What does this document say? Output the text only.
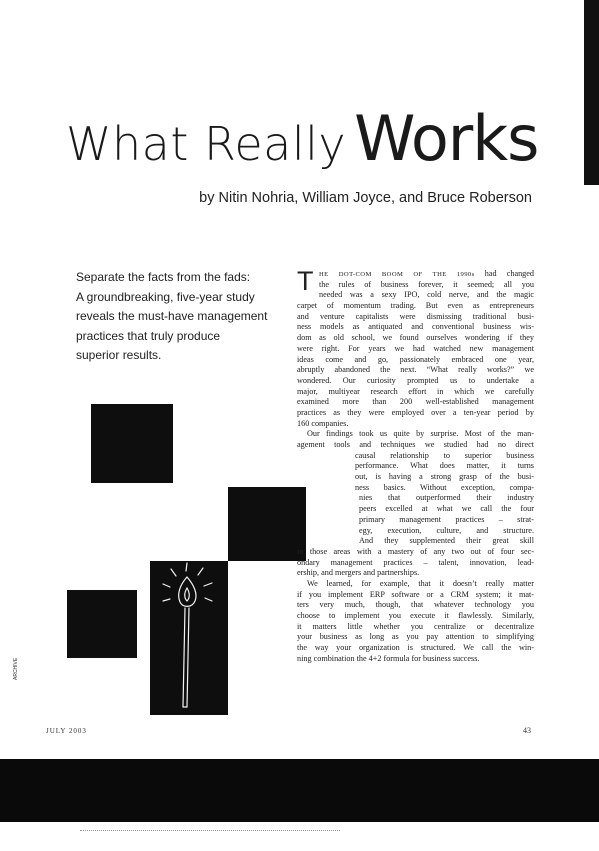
What Really Works
by Nitin Nohria, William Joyce, and Bruce Roberson
Separate the facts from the fads:
A groundbreaking, five-year study
reveals the must-have management
practices that truly produce
superior results.
ARCHIVE
T HE DOT-COM BOOM OF THE 1990s had changed
the rules of business forever, it seemed; all you
needed was a sexy IPO, cold nerve, and the magic
carpet of momentum trading. But even as entrepreneurs
and venture capitalists were dismissing traditional busi-
ness models as antiquated and conventional business wis-
dom as old school, we found ourselves wondering if they
were right. For years we had watched new management
ideas come and go, passionately embraced one year,
abruptly abandoned the next. “What really works?” we
wondered. Our curiosity prompted us to undertake a
major, multiyear research effort in which we carefully
examined more than 200 well-established management
practices as they were employed over a ten-year period by
160 companies.
Our findings took us quite by surprise. Most of the man-
agement tools and techniques we studied had no direct
causal relationship to superior business
performance. What does matter, it turns
out, is having a strong grasp of the busi-
ness basics. Without exception, compa-
nies that outperformed their industry
peers excelled at what we call the four
primary management practices – strat-
egy, execution, culture, and structure.
And they supplemented their great skill
in those areas with a mastery of any two out of four sec-
ondary management practices – talent, innovation, lead-
ership, and mergers and partnerships.
We learned, for example, that it doesn’t really matter
if you implement ERP software or a CRM system; it mat-
ters very much, though, that whatever technology you
choose to implement you execute it flawlessly. Similarly,
it matters little whether you centralize or decentralize
your business as long as you pay attention to simplifying
the way your organization is structured. We call the win-
ning combination the 4+2 formula for business success.
JULY 2003	43
